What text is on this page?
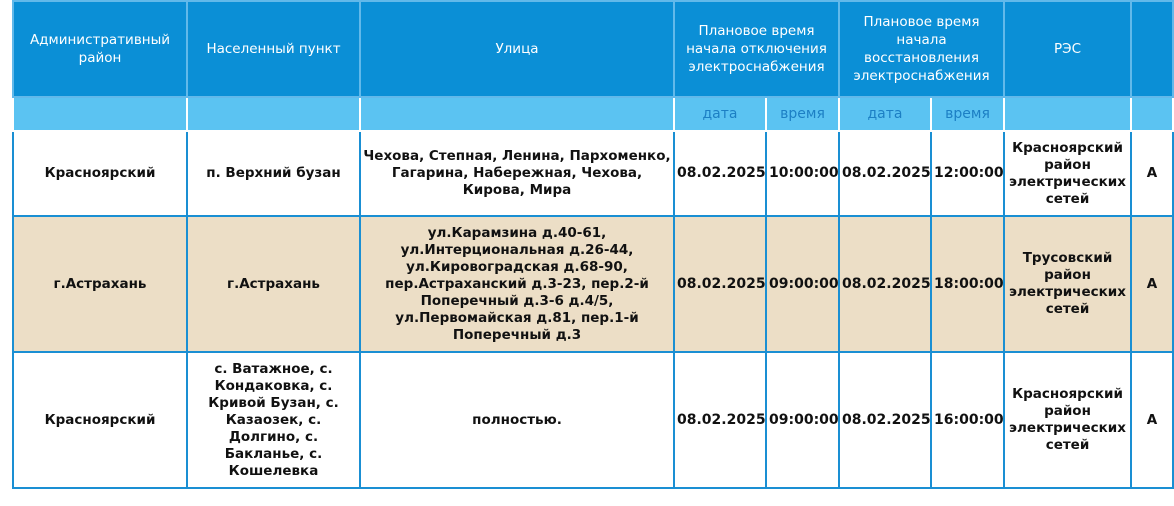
Административный район	Населенный пункт	Улица	Плановое время начала отключения электроснабжения		Плановое время начала восстановления электроснабжения		РЭС	
			дата	время	дата	время		
Красноярский	п. Верхний бузан	Чехова, Степная, Ленина, Пархоменко, Гагарина, Набережная, Чехова, Кирова, Мира	08.02.2025	10:00:00	08.02.2025	12:00:00	Красноярский район электрических сетей	А
г.Астрахань	г.Астрахань	ул.Карамзина д.40-61, ул.Интерциональная д.26-44, ул.Кировоградская д.68-90, пер.Астраханский д.3-23, пер.2-й Поперечный д.3-6 д.4/5, ул.Первомайская д.81, пер.1-й Поперечный д.3	08.02.2025	09:00:00	08.02.2025	18:00:00	Трусовский район электрических сетей	А
Красноярский	с. Ватажное, с. Кондаковка, с. Кривой Бузан, с. Казаозек, с. Долгино, с. Бакланье, с. Кошелевка	полностью.	08.02.2025	09:00:00	08.02.2025	16:00:00	Красноярский район электрических сетей	А
